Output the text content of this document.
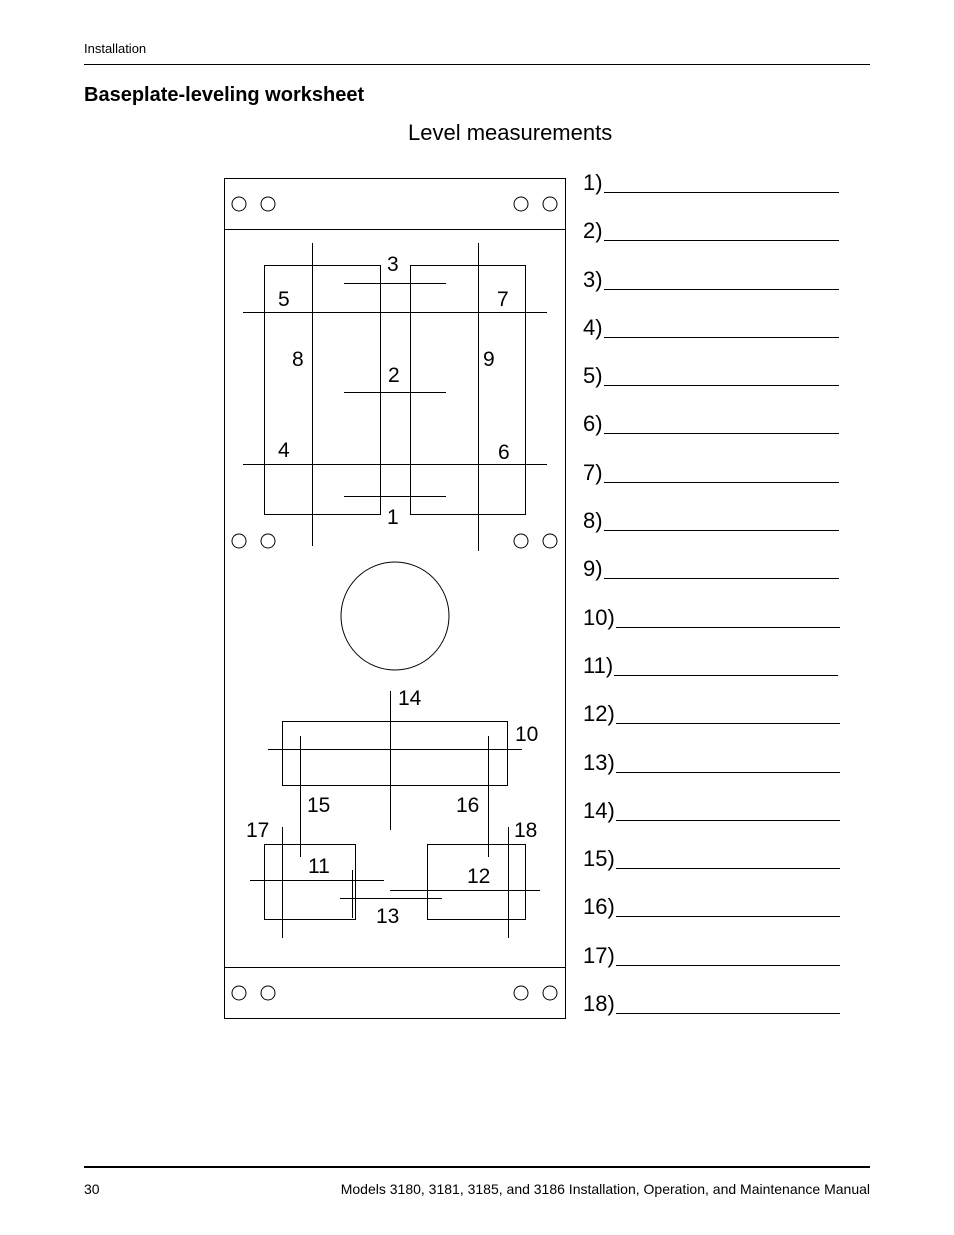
Installation
Baseplate-leveling worksheet
Level measurements
1
2
3
4
5
6
7
8	9
10
11	12
13
14
15	16
17	18
1)
2)
3)
4)
5)
6)
7)
8)
9)
10)
11)
12)
13)
14)
15)
16)
17)
18)
30	Models 3180, 3181, 3185, and 3186 Installation, Operation, and Maintenance Manual
